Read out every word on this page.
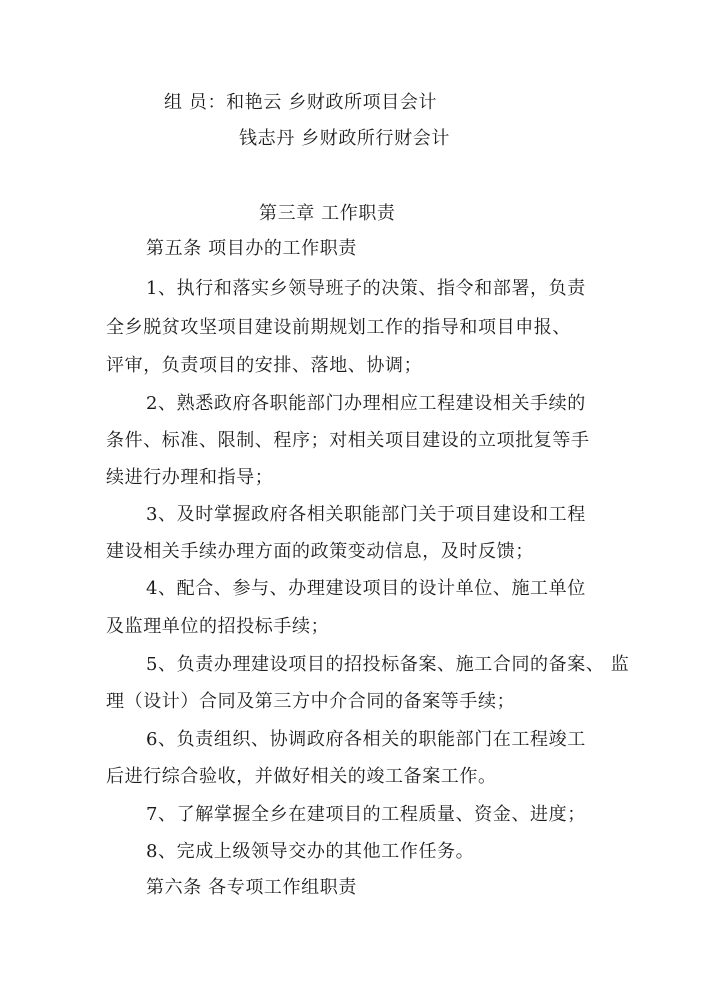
组 员：和艳云 乡财政所项目会计
钱志丹 乡财政所行财会计
第三章 工作职责
第五条 项目办的工作职责
1、执行和落实乡领导班子的决策、指令和部署，负责
全乡脱贫攻坚项目建设前期规划工作的指导和项目申报、
评审，负责项目的安排、落地、协调；
2、熟悉政府各职能部门办理相应工程建设相关手续的
条件、标准、限制、程序；对相关项目建设的立项批复等手
续进行办理和指导；
3、及时掌握政府各相关职能部门关于项目建设和工程
建设相关手续办理方面的政策变动信息，及时反馈；
4、配合、参与、办理建设项目的设计单位、施工单位
及监理单位的招投标手续；
5、负责办理建设项目的招投标备案、施工合同的备案、 监
理（设计）合同及第三方中介合同的备案等手续；
6、负责组织、协调政府各相关的职能部门在工程竣工
后进行综合验收，并做好相关的竣工备案工作。
7、了解掌握全乡在建项目的工程质量、资金、进度；
8、完成上级领导交办的其他工作任务。
第六条 各专项工作组职责
